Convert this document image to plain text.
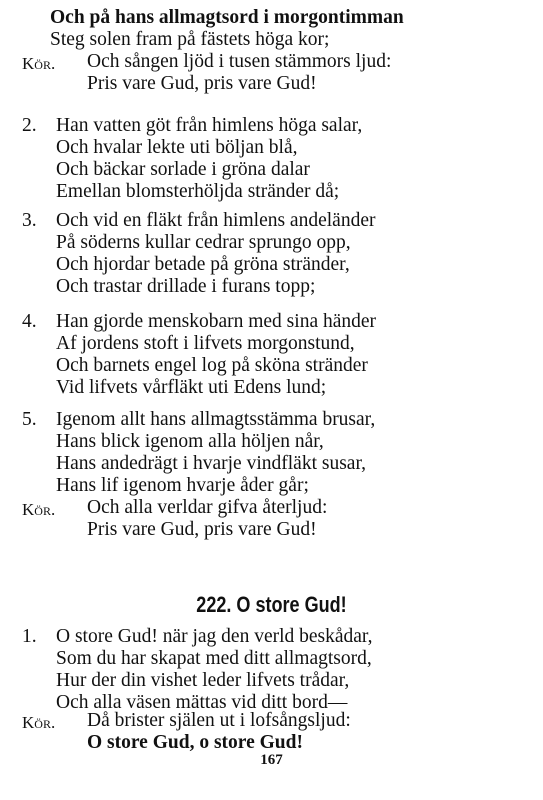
Och på hans allmagtsord i morgontimman
Steg solen fram på fästets höga kor;
Kör. Och sången ljöd i tusen stämmors ljud:
Pris vare Gud, pris vare Gud!
2. Han vatten göt från himlens höga salar,
Och hvalar lekte uti böljan blå,
Och bäckar sorlade i gröna dalar
Emellan blomsterhöljda stränder då;
3. Och vid en fläkt från himlens andeländer
På söderns kullar cedrar sprungo opp,
Och hjordar betade på gröna stränder,
Och trastar drillade i furans topp;
4. Han gjorde menskobarn med sina händer
Af jordens stoft i lifvets morgonstund,
Och barnets engel log på sköna stränder
Vid lifvets vårfläkt uti Edens lund;
5. Igenom allt hans allmagtsstämma brusar,
Hans blick igenom alla höljen når,
Hans andedrägt i hvarje vindfläkt susar,
Hans lif igenom hvarje åder går;
Kör. Och alla verldar gifva återljud:
Pris vare Gud, pris vare Gud!
222. O store Gud!
1. O store Gud! när jag den verld beskådar,
Som du har skapat med ditt allmagtsord,
Hur der din vishet leder lifvets trådar,
Och alla väsen mättas vid ditt bord—
Kör. Då brister själen ut i lofsångsljud:
O store Gud, o store Gud!
167
